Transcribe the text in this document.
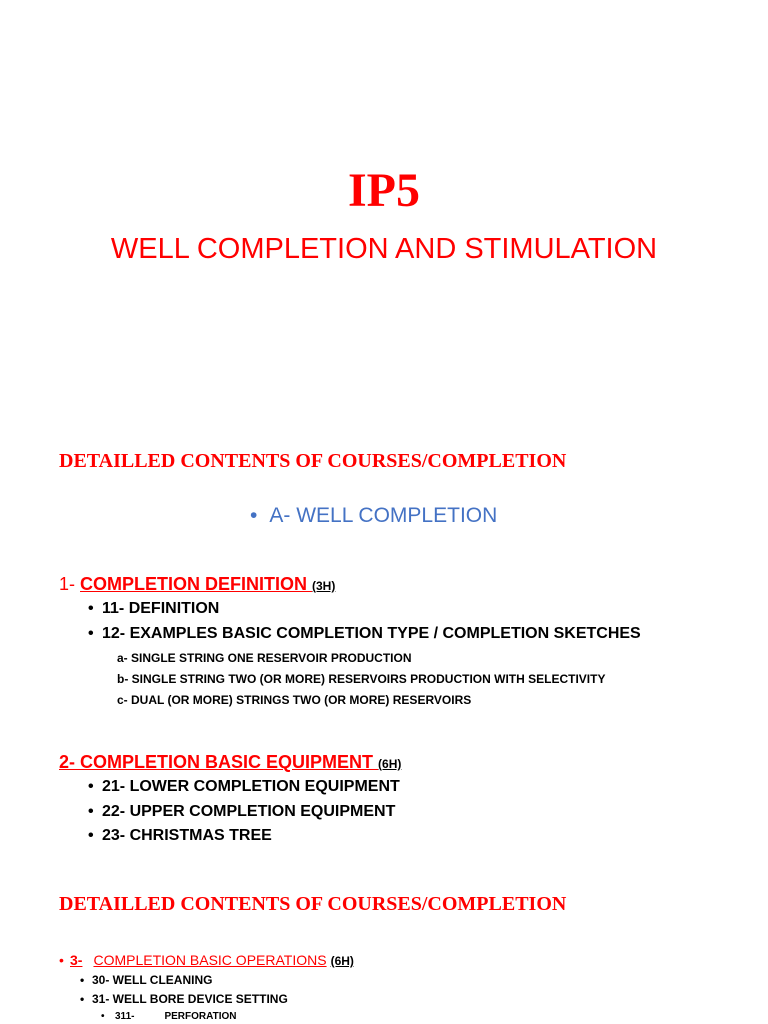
IP5
WELL COMPLETION AND STIMULATION
DETAILLED CONTENTS OF COURSES/COMPLETION
• A- WELL COMPLETION
1- COMPLETION DEFINITION (3H)
• 11- DEFINITION
• 12- EXAMPLES BASIC COMPLETION TYPE / COMPLETION SKETCHES
a- SINGLE STRING ONE RESERVOIR PRODUCTION
b- SINGLE STRING TWO (OR MORE) RESERVOIRS PRODUCTION WITH SELECTIVITY
c- DUAL (OR MORE) STRINGS TWO (OR MORE) RESERVOIRS
2- COMPLETION BASIC EQUIPMENT (6H)
• 21- LOWER COMPLETION EQUIPMENT
• 22- UPPER COMPLETION EQUIPMENT
• 23- CHRISTMAS TREE
DETAILLED CONTENTS OF COURSES/COMPLETION
• 3- COMPLETION BASIC OPERATIONS (6H)
• 30- WELL CLEANING
• 31- WELL BORE DEVICE SETTING
• 311-	PERFORATION
